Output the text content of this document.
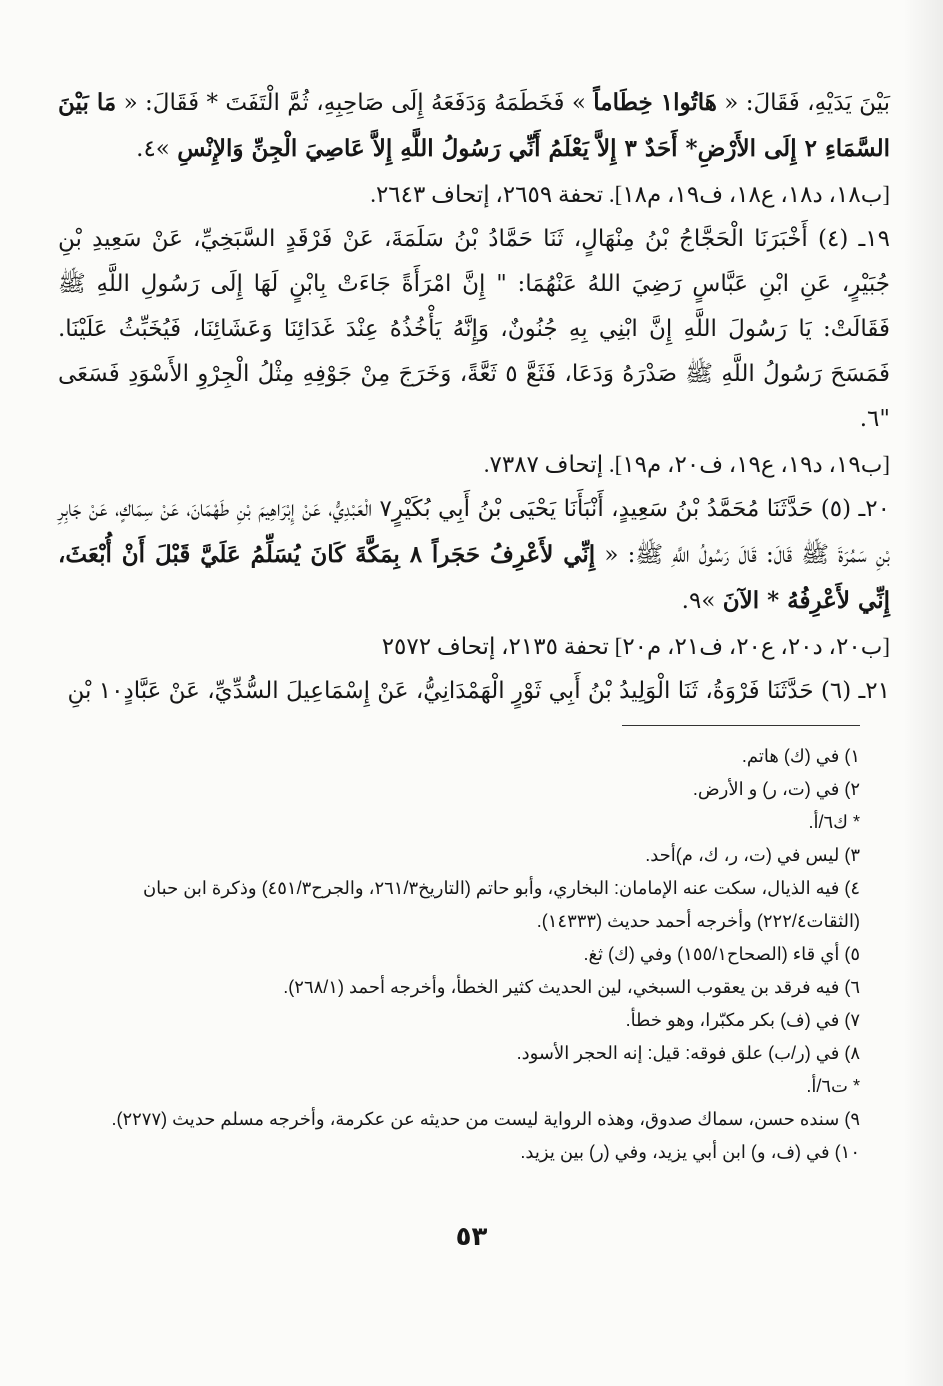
بَيْنَ يَدَيْهِ، فَقَالَ: « هَاتُوا١ خِطَاماً » فَخَطَمَهُ وَدَفَعَهُ إِلَى صَاحِبِهِ، ثُمَّ الْتَفَتَ * فَقَالَ: « مَا بَيْنَ السَّمَاءِ ٢ إِلَى الأَرْضِ* أَحَدٌ ٣ إِلاَّ يَعْلَمُ أَنِّي رَسُولُ اللَّهِ إِلاَّ عَاصِيَ الْجِنِّ وَالإِنْسِ »٤.

[ب١٨، د١٨، ع١٨، ف١٩، م١٨]. تحفة ٢٦٥٩، إتحاف ٢٦٤٣.

١٩ـ (٤) أَخْبَرَنَا الْحَجَّاجُ بْنُ مِنْهَالٍ، ثَنَا حَمَّادُ بْنُ سَلَمَةَ، عَنْ فَرْقَدٍ السَّبَخِيِّ، عَنْ سَعِيدِ بْنِ جُبَيْرٍ، عَنِ ابْنِ عَبَّاسٍ رَضِيَ اللهُ عَنْهُمَا: " إِنَّ امْرَأَةً جَاءَتْ بِابْنٍ لَهَا إِلَى رَسُولِ اللَّهِ ﷺ فَقَالَتْ: يَا رَسُولَ اللَّهِ إِنَّ ابْنِي بِهِ جُنُونٌ، وَإِنَّهُ يَأْخُذُهُ عِنْدَ غَدَائِنَا وَعَشَائِنَا، فَيُخَبِّثُ عَلَيْنَا. فَمَسَحَ رَسُولُ اللَّهِ ﷺ صَدْرَهُ وَدَعَا، فَثَعَّ ٥ ثَعَّةً، وَخَرَجَ مِنْ جَوْفِهِ مِثْلُ الْجِرْوِ الأَسْوَدِ فَسَعَى "٦.

[ب١٩، د١٩، ع١٩، ف٢٠، م١٩]. إتحاف ٧٣٨٧.

٢٠ـ (٥) حَدَّثَنَا مُحَمَّدُ بْنُ سَعِيدٍ، أَنْبَأَنَا يَحْيَى بْنُ أَبِي بُكَيْرٍ٧ الْعَبْدِيُّ، عَنْ إِبْرَاهِيمَ بْنِ طَهْمَانَ، عَنْ سِمَاكٍ، عَنْ جَابِرِ بْنِ سَمُرَةَ ﷺ قَالَ: قَالَ رَسُولُ اللَّهِ ﷺ: « إِنِّي لأَعْرِفُ حَجَراً ٨ بِمَكَّةَ كَانَ يُسَلِّمُ عَلَيَّ قَبْلَ أَنْ أُبْعَثَ، إِنِّي لأَعْرِفُهُ * الآنَ »٩.

[ب٢٠، د٢٠، ع٢٠، ف٢١، م٢٠] تحفة ٢١٣٥، إتحاف ٢٥٧٢

٢١ـ (٦) حَدَّثَنَا فَرْوَةُ، ثَنَا الْوَلِيدُ بْنُ أَبِي ثَوْرٍ الْهَمْدَانِيُّ، عَنْ إِسْمَاعِيلَ السُّدِّيِّ، عَنْ عَبَّادٍ١٠ بْنِ

١) في (ك) هاتم.

٢) في (ت، ر) و الأرض.

* ك٦/أ.

٣) ليس في (ت، ر، ك، م)أحد.

٤) فيه الذيال، سكت عنه الإمامان: البخاري، وأبو حاتم (التاريخ٢٦١/٣، والجرح٤٥١/٣) وذكرة ابن حبان

(الثقات٢٢٢/٤) وأخرجه أحمد حديث (١٤٣٣٣).

٥) أي قاء (الصحاح١٥٥/١) وفي (ك) ثغ.

٦) فيه فرقد بن يعقوب السبخي، لين الحديث كثير الخطأ، وأخرجه أحمد (٢٦٨/١).

٧) في (ف) بكر مكبّرا، وهو خطأ.

٨) في (ر/ب) علق فوقه: قيل: إنه الحجر الأسود.

* ت٦/أ.

٩) سنده حسن، سماك صدوق، وهذه الرواية ليست من حديثه عن عكرمة، وأخرجه مسلم حديث (٢٢٧٧).

١٠) في (ف، و) ابن أبي يزيد، وفي (ر) بين يزيد.

٥٣
